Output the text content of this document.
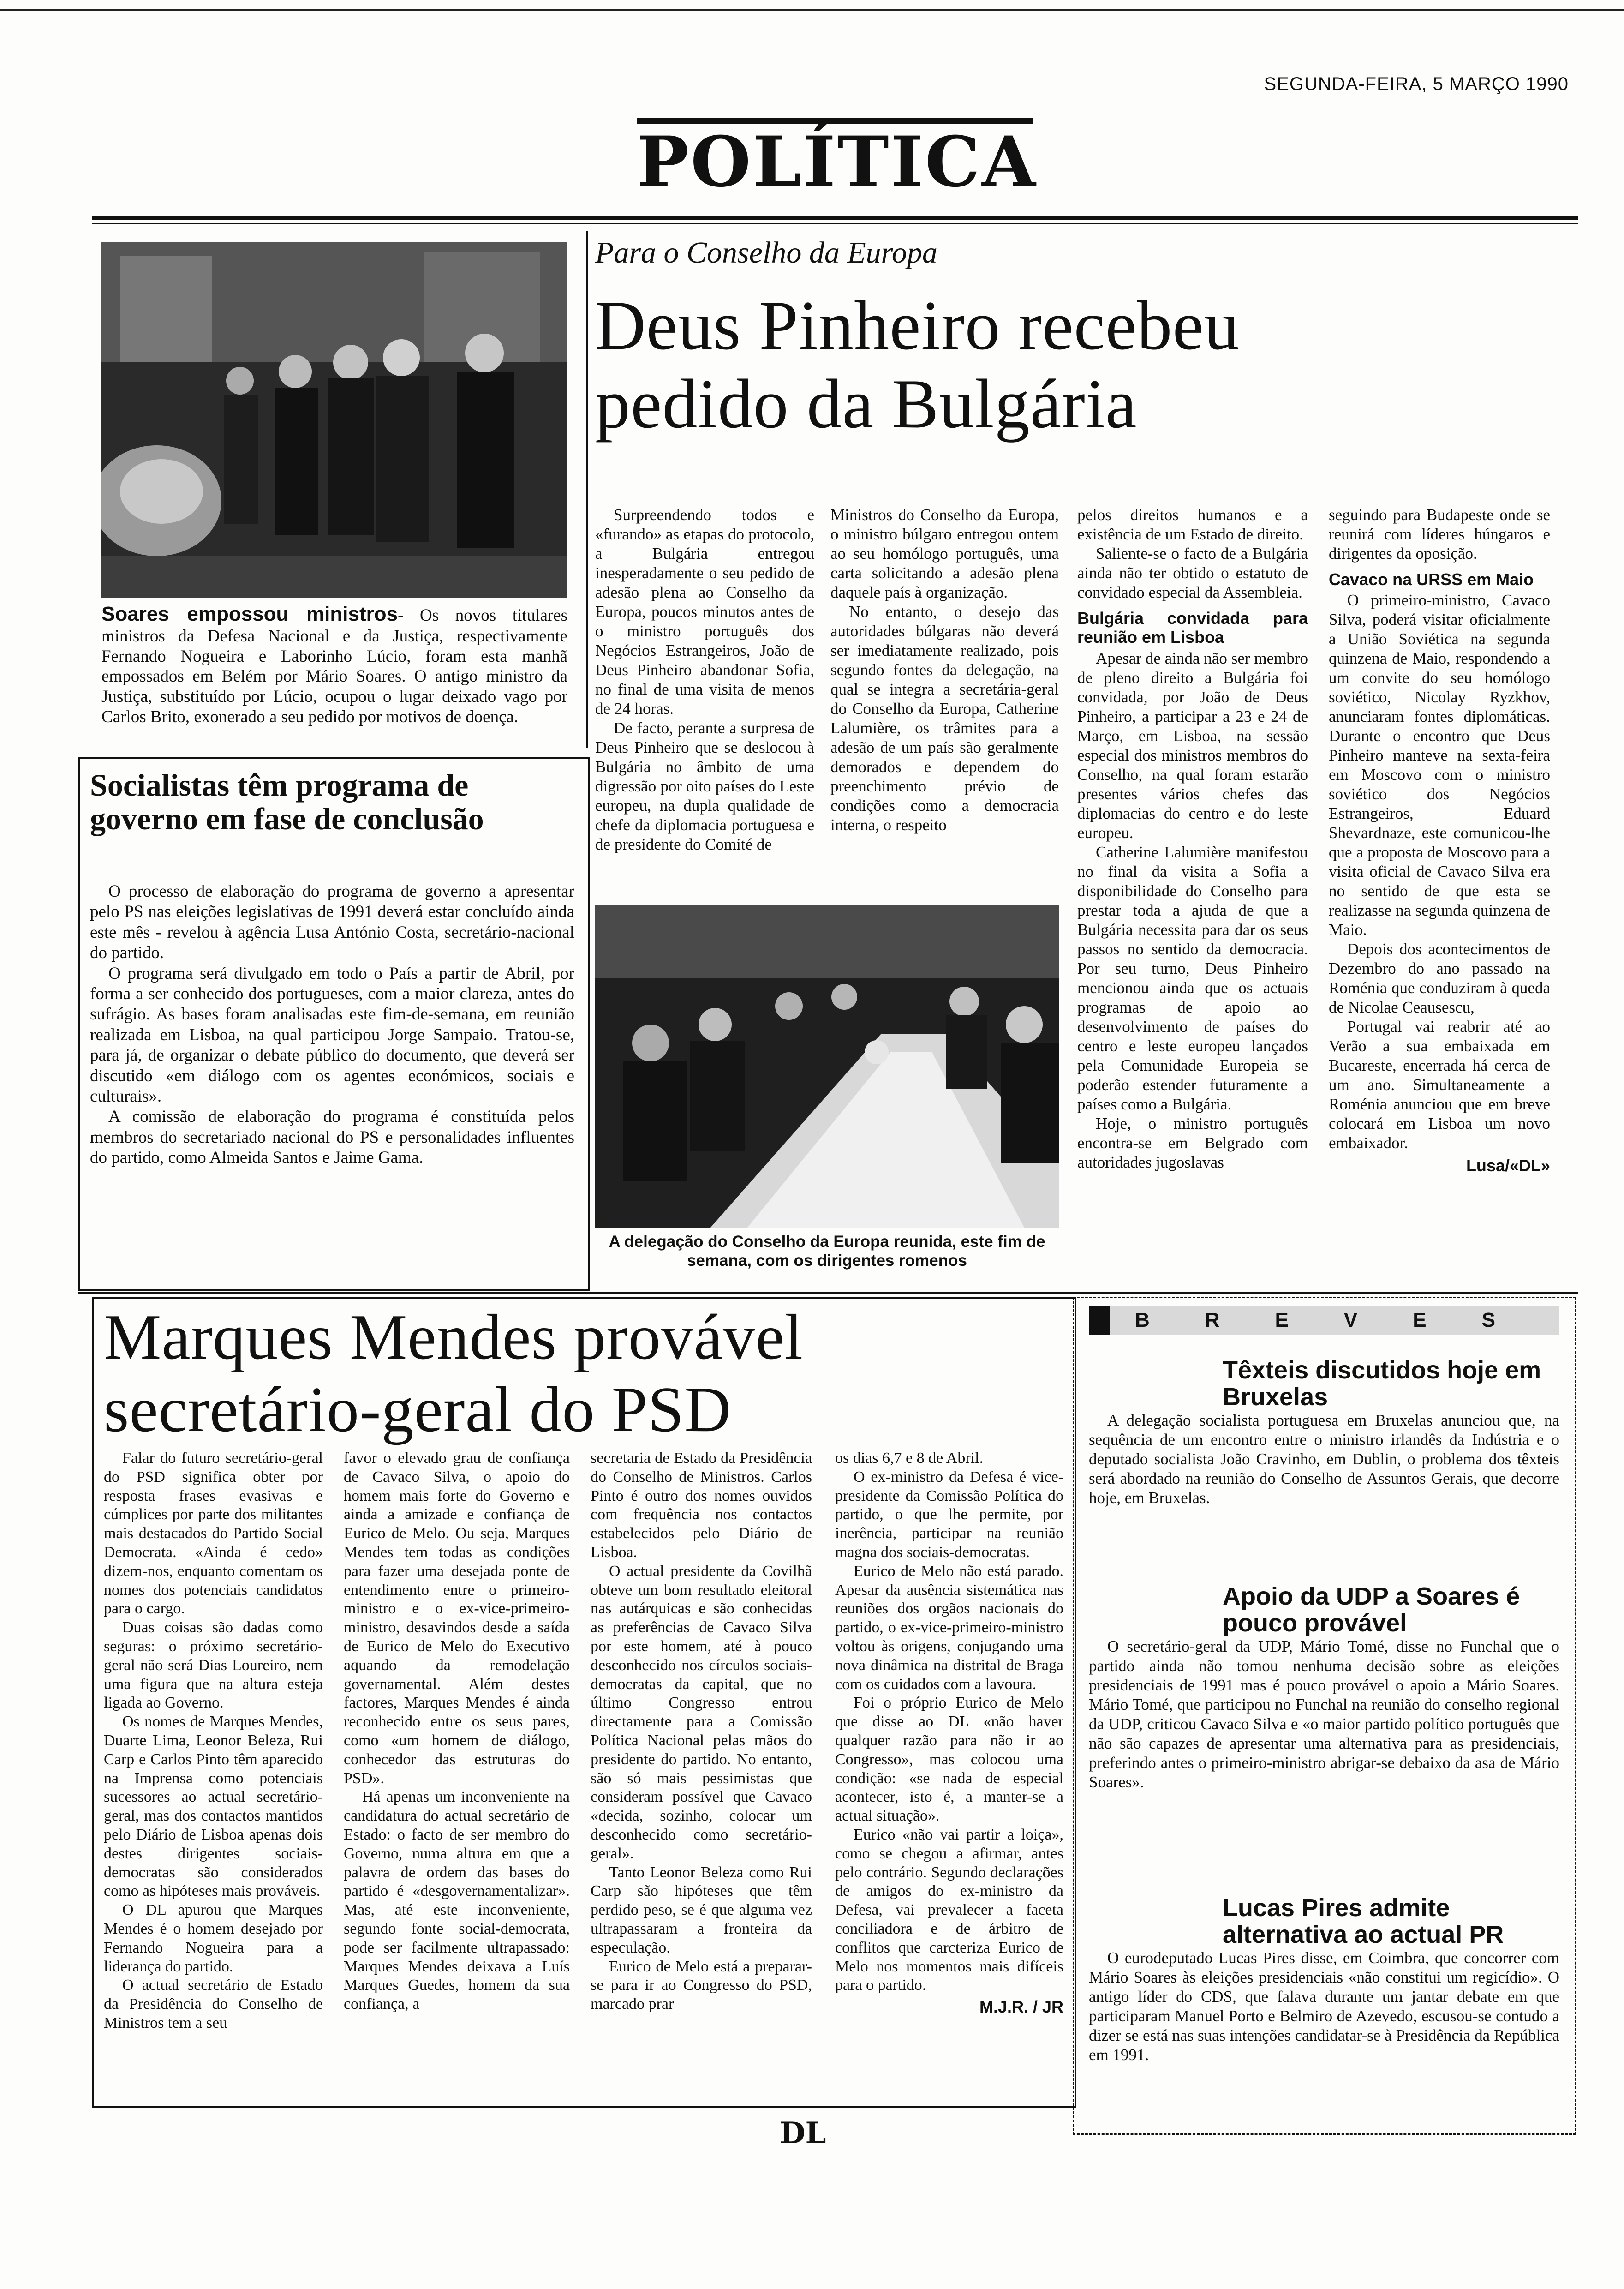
SEGUNDA-FEIRA, 5 MARÇO 1990
POLÍTICA
Soares empossou ministros- Os novos titulares ministros da Defesa Nacional e da Justiça, respectivamente Fernando Nogueira e Laborinho Lúcio, foram esta manhã empossados em Belém por Mário Soares. O antigo ministro da Justiça, substituído por Lúcio, ocupou o lugar deixado vago por Carlos Brito, exonerado a seu pedido por motivos de doença.
Para o Conselho da Europa
Deus Pinheiro recebeu
pedido da Bulgária

Surpreendendo todos e «furando» as etapas do protocolo, a Bulgária entregou inesperadamente o seu pedido de adesão plena ao Conselho da Europa, poucos minutos antes de o ministro português dos Negócios Estrangeiros, João de Deus Pinheiro abandonar Sofia, no final de uma visita de menos de 24 horas.

De facto, perante a surpresa de Deus Pinheiro que se deslocou à Bulgária no âmbito de uma digressão por oito países do Leste europeu, na dupla qualidade de chefe da diplomacia portuguesa e de presidente do Comité de

Ministros do Conselho da Europa, o ministro búlgaro entregou ontem ao seu homólogo português, uma carta solicitando a adesão plena daquele país à organização.

No entanto, o desejo das autoridades búlgaras não deverá ser imediatamente realizado, pois segundo fontes da delegação, na qual se integra a secretária-geral do Conselho da Europa, Catherine Lalumière, os trâmites para a adesão de um país são geralmente demorados e dependem do preenchimento prévio de condições como a democracia interna, o respeito

A delegação do Conselho da Europa reunida, este fim de semana, com os dirigentes romenos

pelos direitos humanos e a existência de um Estado de direito.

Saliente-se o facto de a Bulgária ainda não ter obtido o estatuto de convidado especial da Assembleia.

Bulgária convidada para reunião em Lisboa

Apesar de ainda não ser membro de pleno direito a Bulgária foi convidada, por João de Deus Pinheiro, a participar a 23 e 24 de Março, em Lisboa, na sessão especial dos ministros membros do Conselho, na qual foram estarão presentes vários chefes das diplomacias do centro e do leste europeu.

Catherine Lalumière manifestou no final da visita a Sofia a disponibilidade do Conselho para prestar toda a ajuda de que a Bulgária necessita para dar os seus passos no sentido da democracia. Por seu turno, Deus Pinheiro mencionou ainda que os actuais programas de apoio ao desenvolvimento de países do centro e leste europeu lançados pela Comunidade Europeia se poderão estender futuramente a países como a Bulgária.

Hoje, o ministro português encontra-se em Belgrado com autoridades jugoslavas

seguindo para Budapeste onde se reunirá com líderes húngaros e dirigentes da oposição.

Cavaco na URSS em Maio

O primeiro-ministro, Cavaco Silva, poderá visitar oficialmente a União Soviética na segunda quinzena de Maio, respondendo a um convite do seu homólogo soviético, Nicolay Ryzkhov, anunciaram fontes diplomáticas. Durante o encontro que Deus Pinheiro manteve na sexta-feira em Moscovo com o ministro soviético dos Negócios Estrangeiros, Eduard Shevardnaze, este comunicou-lhe que a proposta de Moscovo para a visita oficial de Cavaco Silva era no sentido de que esta se realizasse na segunda quinzena de Maio.

Depois dos acontecimentos de Dezembro do ano passado na Roménia que conduziram à queda de Nicolae Ceausescu,

Portugal vai reabrir até ao Verão a sua embaixada em Bucareste, encerrada há cerca de um ano. Simultaneamente a Roménia anunciou que em breve colocará em Lisboa um novo embaixador.

Lusa/«DL»
Socialistas têm programa de governo em fase de conclusão

O processo de elaboração do programa de governo a apresentar pelo PS nas eleições legislativas de 1991 deverá estar concluído ainda este mês - revelou à agência Lusa António Costa, secretário-nacional do partido.

O programa será divulgado em todo o País a partir de Abril, por forma a ser conhecido dos portugueses, com a maior clareza, antes do sufrágio. As bases foram analisadas este fim-de-semana, em reunião realizada em Lisboa, na qual participou Jorge Sampaio. Tratou-se, para já, de organizar o debate público do documento, que deverá ser discutido «em diálogo com os agentes económicos, sociais e culturais».

A comissão de elaboração do programa é constituída pelos membros do secretariado nacional do PS e personalidades influentes do partido, como Almeida Santos e Jaime Gama.

Marques Mendes provável
secretário-geral do PSD

Falar do futuro secretário-geral do PSD significa obter por resposta frases evasivas e cúmplices por parte dos militantes mais destacados do Partido Social Democrata. «Ainda é cedo» dizem-nos, enquanto comentam os nomes dos potenciais candidatos para o cargo.

Duas coisas são dadas como seguras: o próximo secretário-geral não será Dias Loureiro, nem uma figura que na altura esteja ligada ao Governo.

Os nomes de Marques Mendes, Duarte Lima, Leonor Beleza, Rui Carp e Carlos Pinto têm aparecido na Imprensa como potenciais sucessores ao actual secretário-geral, mas dos contactos mantidos pelo Diário de Lisboa apenas dois destes dirigentes sociais-democratas são considerados como as hipóteses mais prováveis.

O DL apurou que Marques Mendes é o homem desejado por Fernando Nogueira para a liderança do partido.

O actual secretário de Estado da Presidência do Conselho de Ministros tem a seu

favor o elevado grau de confiança de Cavaco Silva, o apoio do homem mais forte do Governo e ainda a amizade e confiança de Eurico de Melo. Ou seja, Marques Mendes tem todas as condições para fazer uma desejada ponte de entendimento entre o primeiro-ministro e o ex-vice-primeiro-ministro, desavindos desde a saída de Eurico de Melo do Executivo aquando da remodelação governamental. Além destes factores, Marques Mendes é ainda reconhecido entre os seus pares, como «um homem de diálogo, conhecedor das estruturas do PSD».

Há apenas um inconveniente na candidatura do actual secretário de Estado: o facto de ser membro do Governo, numa altura em que a palavra de ordem das bases do partido é «desgovernamentalizar». Mas, até este inconveniente, segundo fonte social-democrata, pode ser facilmente ultrapassado: Marques Mendes deixava a Luís Marques Guedes, homem da sua confiança, a

secretaria de Estado da Presidência do Conselho de Ministros. Carlos Pinto é outro dos nomes ouvidos com frequência nos contactos estabelecidos pelo Diário de Lisboa.

O actual presidente da Covilhã obteve um bom resultado eleitoral nas autárquicas e são conhecidas as preferências de Cavaco Silva por este homem, até à pouco desconhecido nos círculos sociais-democratas da capital, que no último Congresso entrou directamente para a Comissão Política Nacional pelas mãos do presidente do partido. No entanto, são só mais pessimistas que consideram possível que Cavaco «decida, sozinho, colocar um desconhecido como secretário-geral».

Tanto Leonor Beleza como Rui Carp são hipóteses que têm perdido peso, se é que alguma vez ultrapassaram a fronteira da especulação.

Eurico de Melo está a preparar-se para ir ao Congresso do PSD, marcado prar

os dias 6,7 e 8 de Abril.

O ex-ministro da Defesa é vice-presidente da Comissão Política do partido, o que lhe permite, por inerência, participar na reunião magna dos sociais-democratas.

Eurico de Melo não está parado. Apesar da ausência sistemática nas reuniões dos orgãos nacionais do partido, o ex-vice-primeiro-ministro voltou às origens, conjugando uma nova dinâmica na distrital de Braga com os cuidados com a lavoura.

Foi o próprio Eurico de Melo que disse ao DL «não haver qualquer razão para não ir ao Congresso», mas colocou uma condição: «se nada de especial acontecer, isto é, a manter-se a actual situação».

Eurico «não vai partir a loiça», como se chegou a afirmar, antes pelo contrário. Segundo declarações de amigos do ex-ministro da Defesa, vai prevalecer a faceta conciliadora e de árbitro de conflitos que carcteriza Eurico de Melo nos momentos mais difíceis para o partido.

M.J.R. / JR
BREVES
Têxteis discutidos hoje em Bruxelas

A delegação socialista portuguesa em Bruxelas anunciou que, na sequência de um encontro entre o ministro irlandês da Indústria e o deputado socialista João Cravinho, em Dublin, o problema dos têxteis será abordado na reunião do Conselho de Assuntos Gerais, que decorre hoje, em Bruxelas.

Apoio da UDP a Soares é pouco provável

O secretário-geral da UDP, Mário Tomé, disse no Funchal que o partido ainda não tomou nenhuma decisão sobre as eleições presidenciais de 1991 mas é pouco provável o apoio a Mário Soares. Mário Tomé, que participou no Funchal na reunião do conselho regional da UDP, criticou Cavaco Silva e «o maior partido político português que não são capazes de apresentar uma alternativa para as presidenciais, preferindo antes o primeiro-ministro abrigar-se debaixo da asa de Mário Soares».

Lucas Pires admite alternativa ao actual PR

O eurodeputado Lucas Pires disse, em Coimbra, que concorrer com Mário Soares às eleições presidenciais «não constitui um regicídio». O antigo líder do CDS, que falava durante um jantar debate em que participaram Manuel Porto e Belmiro de Azevedo, escusou-se contudo a dizer se está nas suas intenções candidatar-se à Presidência da República em 1991.

DL
